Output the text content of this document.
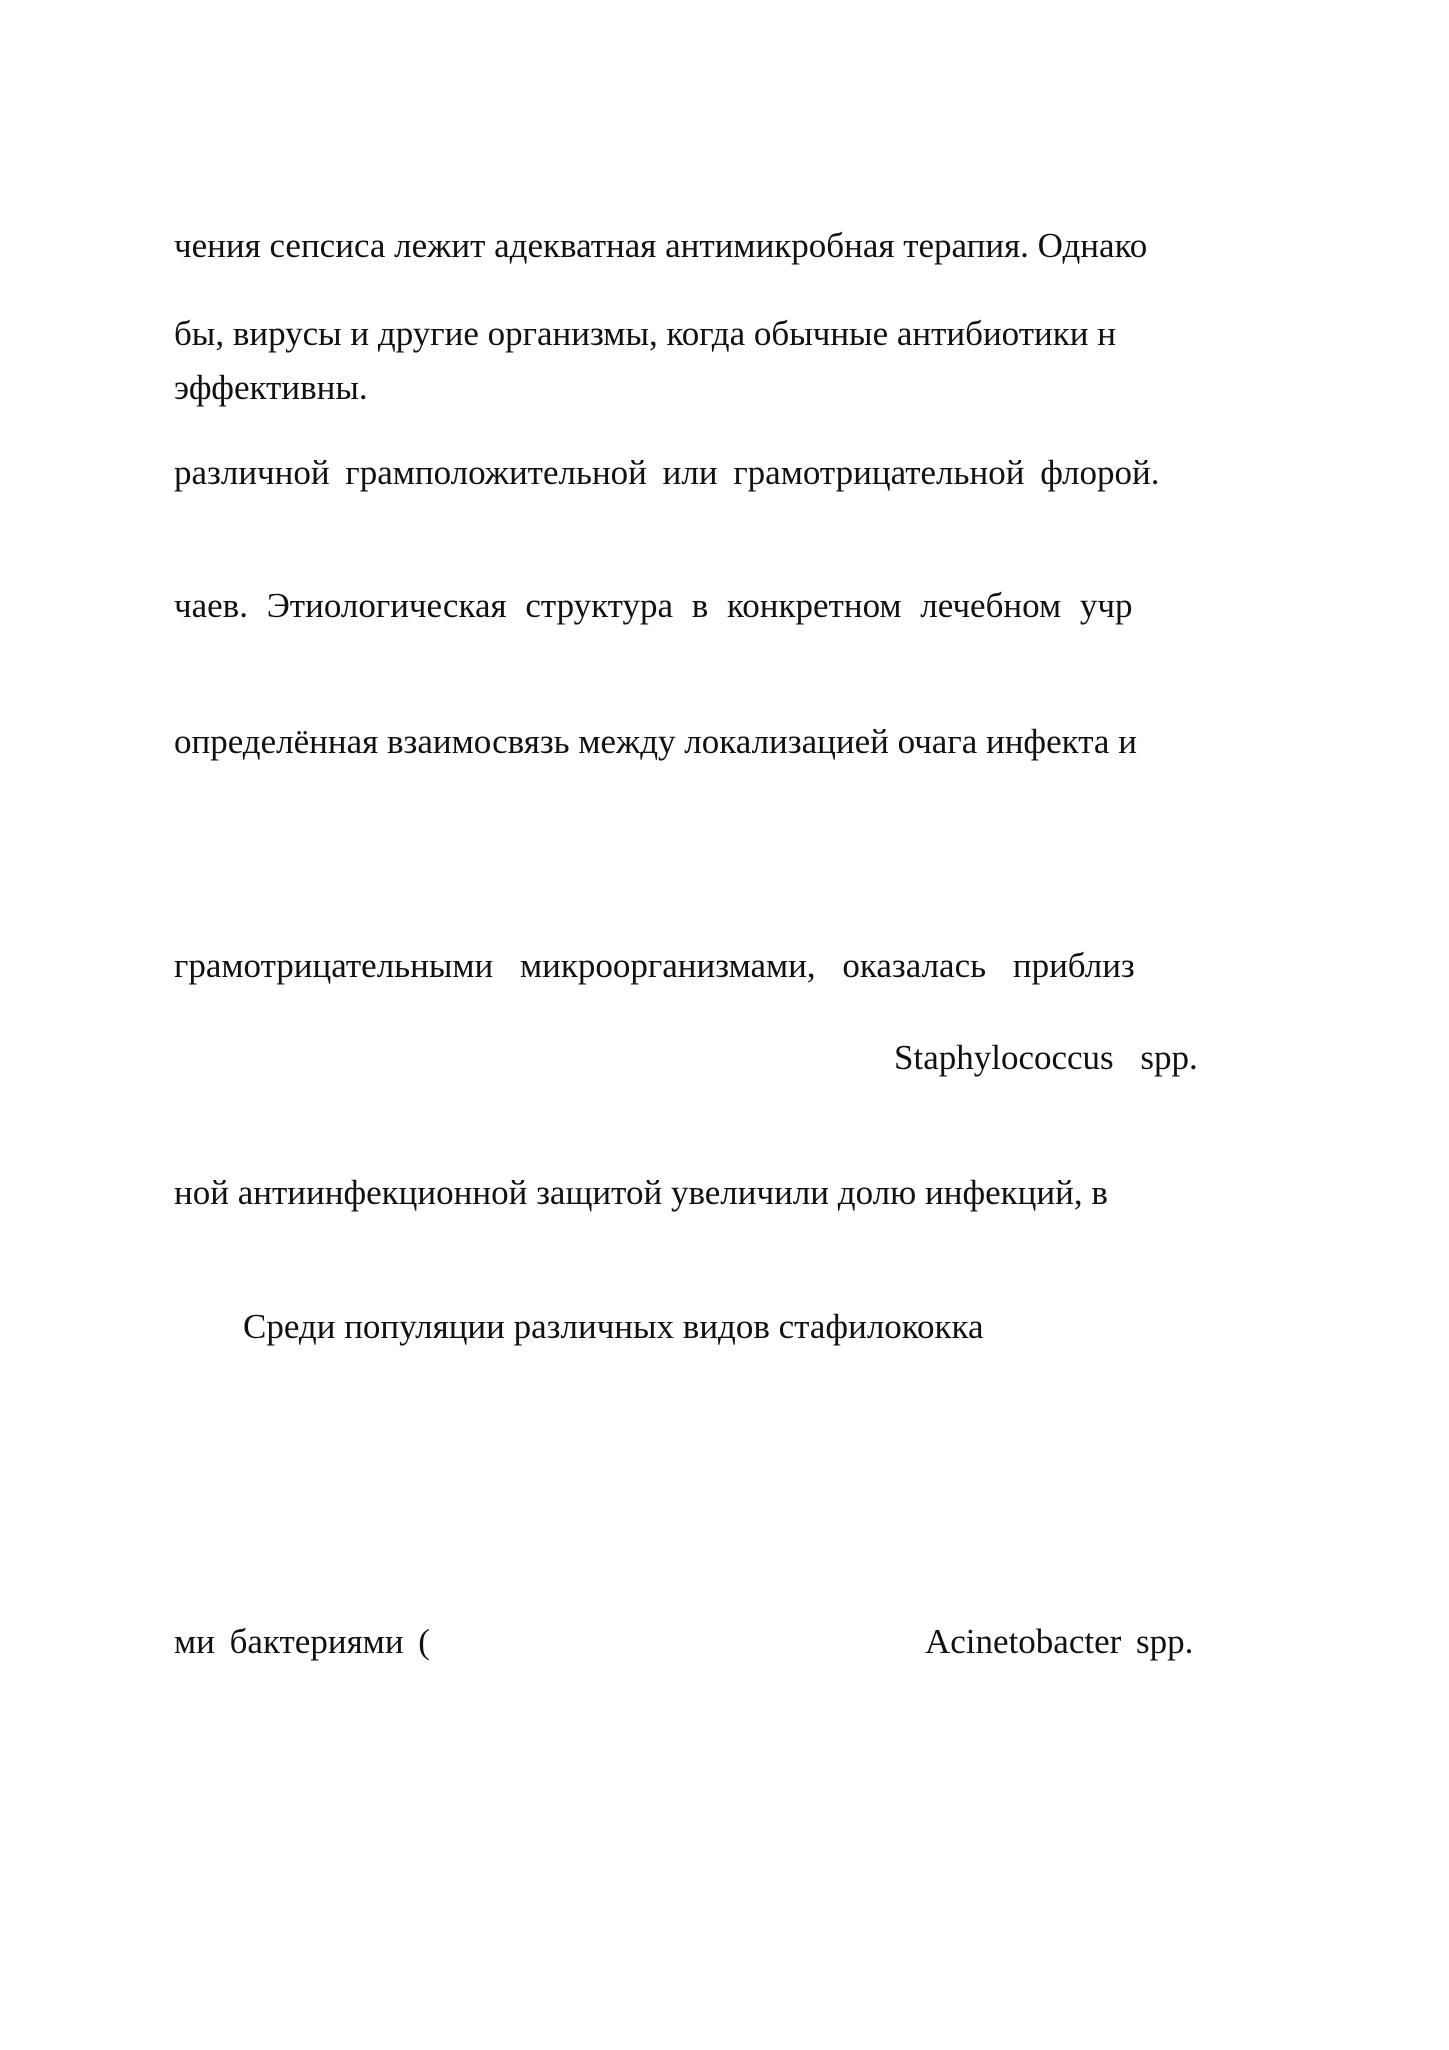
чения сепсиса лежит адекватная антимикробная терапия. Однако

бы, вирусы и другие организмы, когда обычные антибиотики н

эффективны.

различной грамположительной или грамотрицательной флорой.

чаев. Этиологическая структура в конкретном лечебном учр

определённая взаимосвязь между локализацией очага инфекта и

грамотрицательными микроорганизмами, оказалась приблиз

Staphylococcus spp.

ной антиинфекционной защитой увеличили долю инфекций, в

Среди популяции различных видов стафилококка

ми бактериями (	Acinetobacter spp.
